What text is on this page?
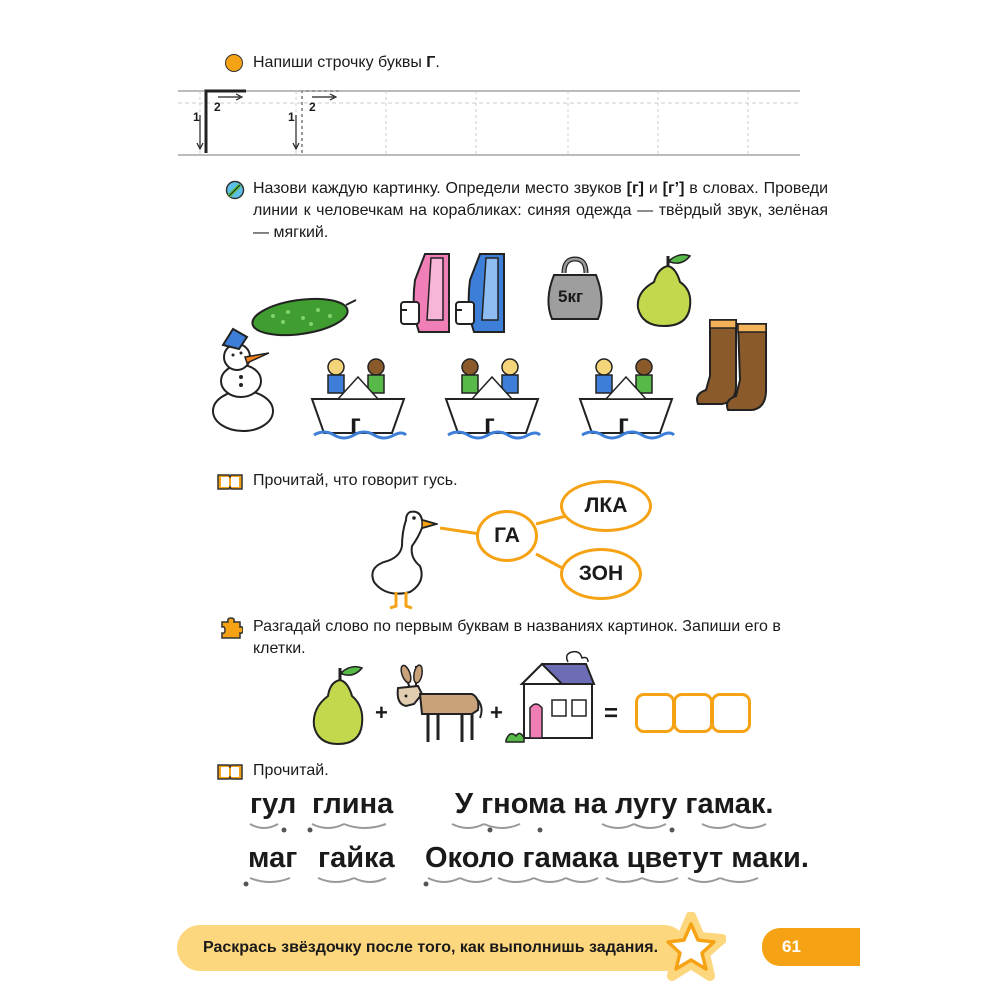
Напиши строчку буквы Г.
1
2
1
2
Назови каждую картинку. Определи место звуков [г] и [г’] в словах. Проведи линии к человечкам на корабликах: синяя одежда — твёрдый звук, зелёная — мягкий.
5кг
г	г	г
Прочитай, что говорит гусь.
ГА
ЛКА
ЗОН
Разгадай слово по первым буквам в названиях картинок. Запиши его в клетки.
+	+	=
Прочитай.
гул глина У гнома на лугу гамак.
маг гайка Около гамака цветут маки.
Раскрась звёздочку после того, как выполнишь задания.	61
